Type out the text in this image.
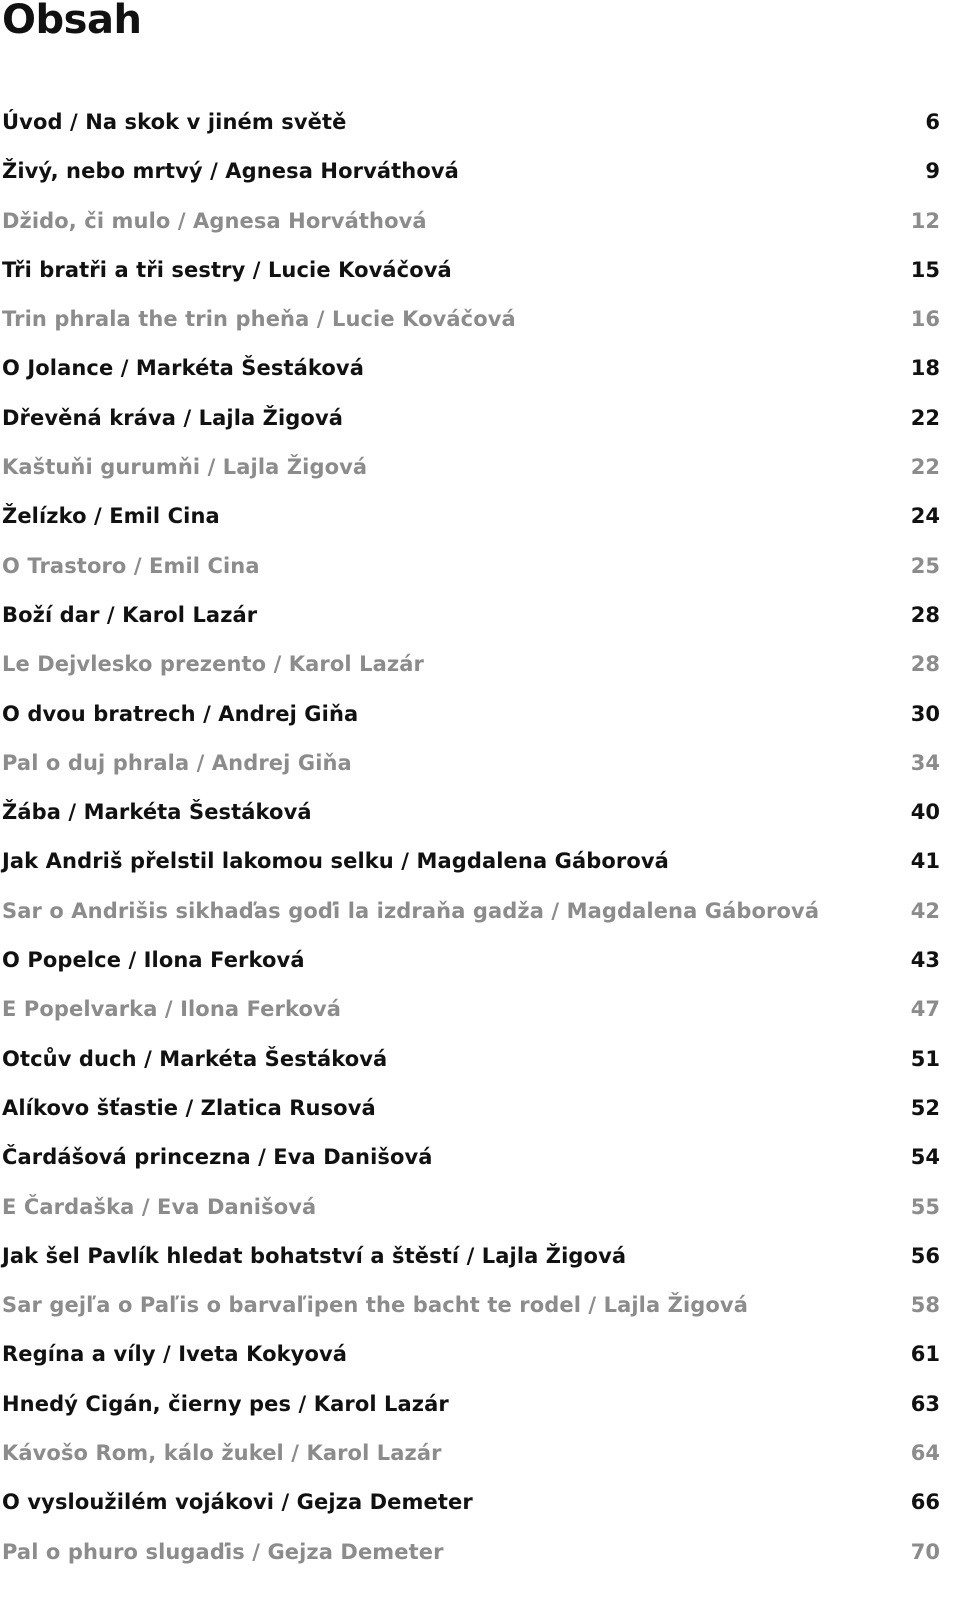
Obsah
Úvod / Na skok v jiném světě	6
Živý, nebo mrtvý / Agnesa Horváthová	9
Džido, či mulo / Agnesa Horváthová	12
Tři bratři a tři sestry / Lucie Kováčová	15
Trin phrala the trin pheňa / Lucie Kováčová	16
O Jolance / Markéta Šestáková	18
Dřevěná kráva / Lajla Žigová	22
Kaštuňi gurumňi / Lajla Žigová	22
Želízko / Emil Cina	24
O Trastoro / Emil Cina	25
Boží dar / Karol Lazár	28
Le Dejvlesko prezento / Karol Lazár	28
O dvou bratrech / Andrej Giňa	30
Pal o duj phrala / Andrej Giňa	34
Žába / Markéta Šestáková	40
Jak Andriš přelstil lakomou selku / Magdalena Gáborová	41
Sar o Andrišis sikhaďas goďi la izdraňa gadža / Magdalena Gáborová	42
O Popelce / Ilona Ferková	43
E Popelvarka / Ilona Ferková	47
Otcův duch / Markéta Šestáková	51
Alíkovo šťastie / Zlatica Rusová	52
Čardášová princezna / Eva Danišová	54
E Čardaška / Eva Danišová	55
Jak šel Pavlík hledat bohatství a štěstí / Lajla Žigová	56
Sar gejľa o Paľis o barvaľipen the bacht te rodel / Lajla Žigová	58
Regína a víly / Iveta Kokyová	61
Hnedý Cigán, čierny pes / Karol Lazár	63
Kávošo Rom, kálo žukel / Karol Lazár	64
O vysloužilém vojákovi / Gejza Demeter	66
Pal o phuro slugaďis / Gejza Demeter	70
